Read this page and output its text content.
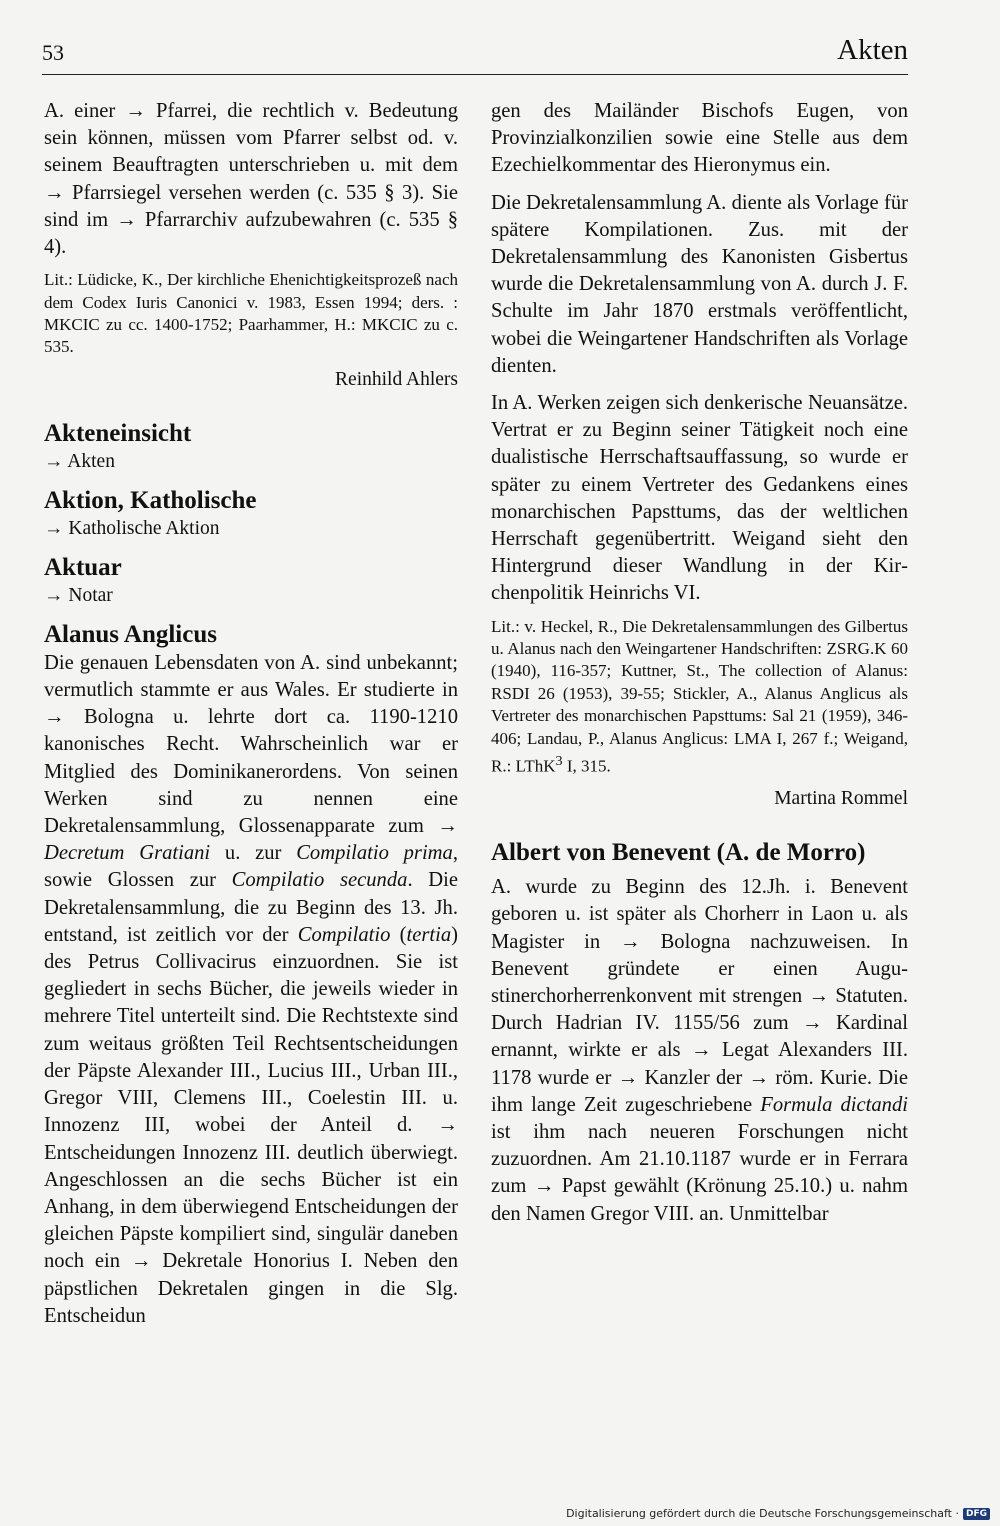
53	Akten

A. einer → Pfarrei, die rechtlich v. Bedeutung sein können, müssen vom Pfarrer selbst od. v. seinem Beauftragten unterschrieben u. mit dem → Pfarrsiegel versehen werden (c. 535 § 3). Sie sind im → Pfarrarchiv aufzubewahren (c. 535 § 4).

Lit.: Lüdicke, K., Der kirchliche Ehenichtigkeitsprozeß nach dem Codex Iuris Canonici v. 1983, Essen 1994; ders. : MKCIC zu cc. 1400-1752; Paarhammer, H.: MKCIC zu c. 535.

Reinhild Ahlers
Akteneinsicht

→ Akten

Aktion, Katholische

→ Katholische Aktion

Aktuar

→ Notar

Alanus Anglicus

Die genauen Lebensdaten von A. sind unbekannt; vermutlich stammte er aus Wales. Er studierte in → Bologna u. lehrte dort ca. 1190-1210 kanonisches Recht. Wahrscheinlich war er Mitglied des Dominikanerordens. Von seinen Werken sind zu nennen eine Dekretalensammlung, Glossenapparate zum → Decretum Gratiani u. zur Compilatio prima, sowie Glossen zur Compilatio secunda. Die Dekretalensammlung, die zu Beginn des 13. Jh. entstand, ist zeitlich vor der Compilatio (tertia) des Petrus Collivacirus einzuordnen. Sie ist gegliedert in sechs Bücher, die jeweils wieder in mehrere Titel unterteilt sind. Die Rechtstexte sind zum weitaus größten Teil Rechtsentscheidungen der Päpste Alexander III., Lucius III., Urban III., Gregor VIII, Clemens III., Coelestin III. u. Innozenz III, wobei der Anteil d. → Entscheidungen Innozenz III. deutlich überwiegt. Angeschlossen an die sechs Bücher ist ein Anhang, in dem überwiegend Entscheidungen der gleichen Päpste kompiliert sind, singulär daneben noch ein → Dekretale Honorius I. Neben den päpstlichen Dekretalen gingen in die Slg. Entscheidun

gen des Mailänder Bischofs Eugen, von Provinzialkonzilien sowie eine Stelle aus dem Ezechielkommentar des Hieronymus ein.

Die Dekretalensammlung A. diente als Vorlage für spätere Kompilationen. Zus. mit der Dekretalensammlung des Kanonisten Gisbertus wurde die Dekretalensammlung von A. durch J. F. Schulte im Jahr 1870 erstmals veröffentlicht, wobei die Weingartener Handschriften als Vorlage dienten.

In A. Werken zeigen sich denkerische Neuansätze. Vertrat er zu Beginn seiner Tätigkeit noch eine dualistische Herrschaftsauffassung, so wurde er später zu einem Vertreter des Gedankens eines monarchischen Papsttums, das der weltlichen Herrschaft gegenübertritt. Weigand sieht den Hintergrund dieser Wandlung in der Kirchenpolitik Heinrichs VI.

Lit.: v. Heckel, R., Die Dekretalensammlungen des Gilbertus u. Alanus nach den Weingartener Handschriften: ZSRG.K 60 (1940), 116-357; Kuttner, St., The collection of Alanus: RSDI 26 (1953), 39-55; Stickler, A., Alanus Anglicus als Vertreter des monarchischen Papsttums: Sal 21 (1959), 346-406; Landau, P., Alanus Anglicus: LMA I, 267 f.; Weigand, R.: LThK$^3$ I, 315.

Martina Rommel
Albert von Benevent (A. de Morro)

A. wurde zu Beginn des 12.Jh. i. Benevent geboren u. ist später als Chorherr in Laon u. als Magister in → Bologna nachzuweisen. In Benevent gründete er einen Augustinerchorherrenkonvent mit strengen → Statuten. Durch Hadrian IV. 1155/56 zum → Kardinal ernannt, wirkte er als → Legat Alexanders III. 1178 wurde er → Kanzler der → röm. Kurie. Die ihm lange Zeit zugeschriebene Formula dictandi ist ihm nach neueren Forschungen nicht zuzuordnen. Am 21.10.1187 wurde er in Ferrara zum → Papst gewählt (Krönung 25.10.) u. nahm den Namen Gregor VIII. an. Unmittelbar

Digitalisierung gefördert durch die Deutsche Forschungsgemeinschaft · DFG
